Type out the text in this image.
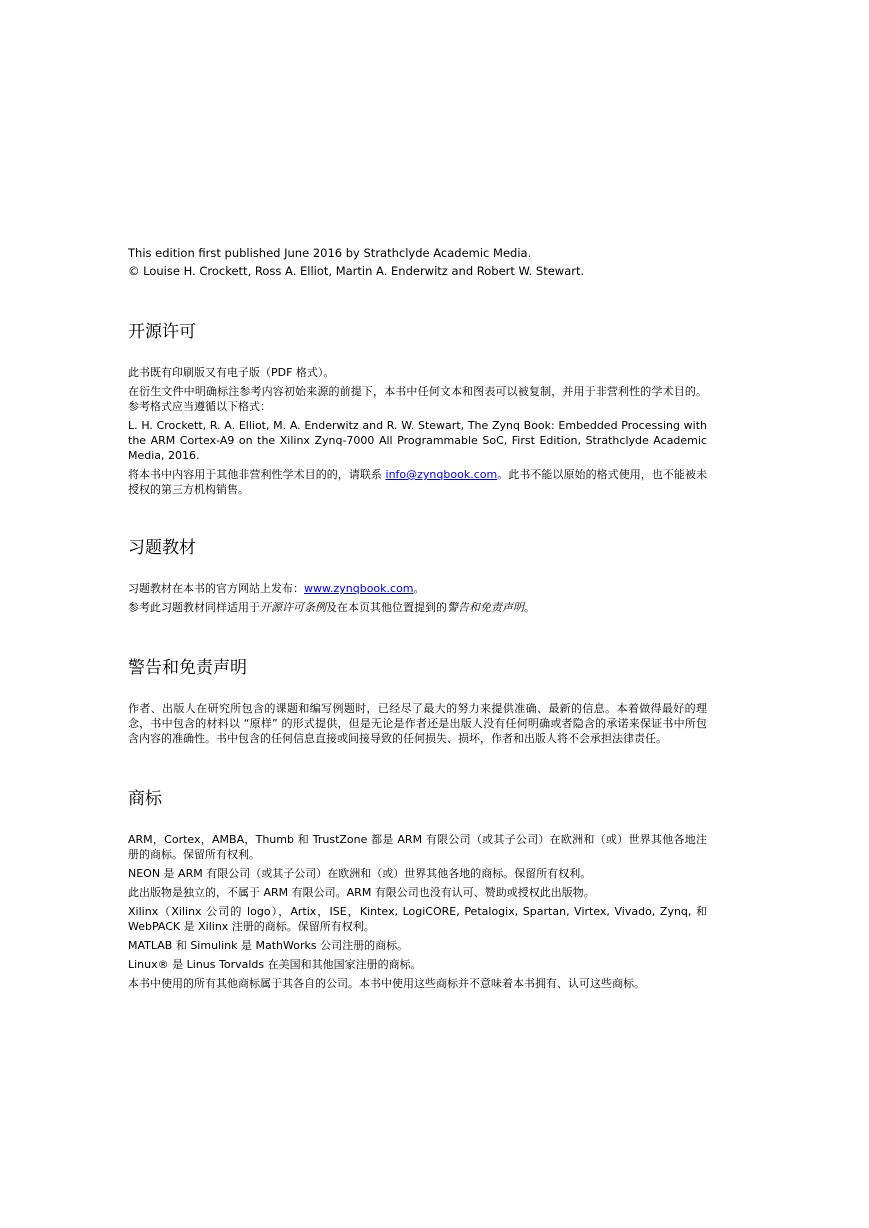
This edition first published June 2016 by Strathclyde Academic Media.
© Louise H. Crockett, Ross A. Elliot, Martin A. Enderwitz and Robert W. Stewart.
开源许可

此书既有印刷版又有电子版（PDF 格式）。

在衍生文件中明确标注参考内容初始来源的前提下，本书中任何文本和图表可以被复制，并用于非营利性的学术目的。参考格式应当遵循以下格式：

L. H. Crockett, R. A. Elliot, M. A. Enderwitz and R. W. Stewart, The Zynq Book: Embedded Processing with the ARM Cortex-A9 on the Xilinx Zynq-7000 All Programmable SoC, First Edition, Strathclyde Academic Media, 2016.

将本书中内容用于其他非营利性学术目的的，请联系 info@zynqbook.com。此书不能以原始的格式使用，也不能被未授权的第三方机构销售。

习题教材

习题教材在本书的官方网站上发布：www.zynqbook.com。

参考此习题教材同样适用于开源许可条例及在本页其他位置提到的警告和免责声明。

警告和免责声明

作者、出版人在研究所包含的课题和编写例题时，已经尽了最大的努力来提供准确、最新的信息。本着做得最好的理念，书中包含的材料以 “原样” 的形式提供，但是无论是作者还是出版人没有任何明确或者隐含的承诺来保证书中所包含内容的准确性。书中包含的任何信息直接或间接导致的任何损失、损坏，作者和出版人将不会承担法律责任。

商标

ARM，Cortex，AMBA，Thumb 和 TrustZone 都是 ARM 有限公司（或其子公司）在欧洲和（或）世界其他各地注册的商标。保留所有权利。

NEON 是 ARM 有限公司（或其子公司）在欧洲和（或）世界其他各地的商标。保留所有权利。

此出版物是独立的，不属于 ARM 有限公司。ARM 有限公司也没有认可、赞助或授权此出版物。

Xilinx（Xilinx 公司的 logo），Artix，ISE，Kintex, LogiCORE, Petalogix, Spartan, Virtex, Vivado, Zynq, 和 WebPACK 是 Xilinx 注册的商标。保留所有权利。

MATLAB 和 Simulink 是 MathWorks 公司注册的商标。

Linux® 是 Linus Torvalds 在美国和其他国家注册的商标。

本书中使用的所有其他商标属于其各自的公司。本书中使用这些商标并不意味着本书拥有、认可这些商标。
